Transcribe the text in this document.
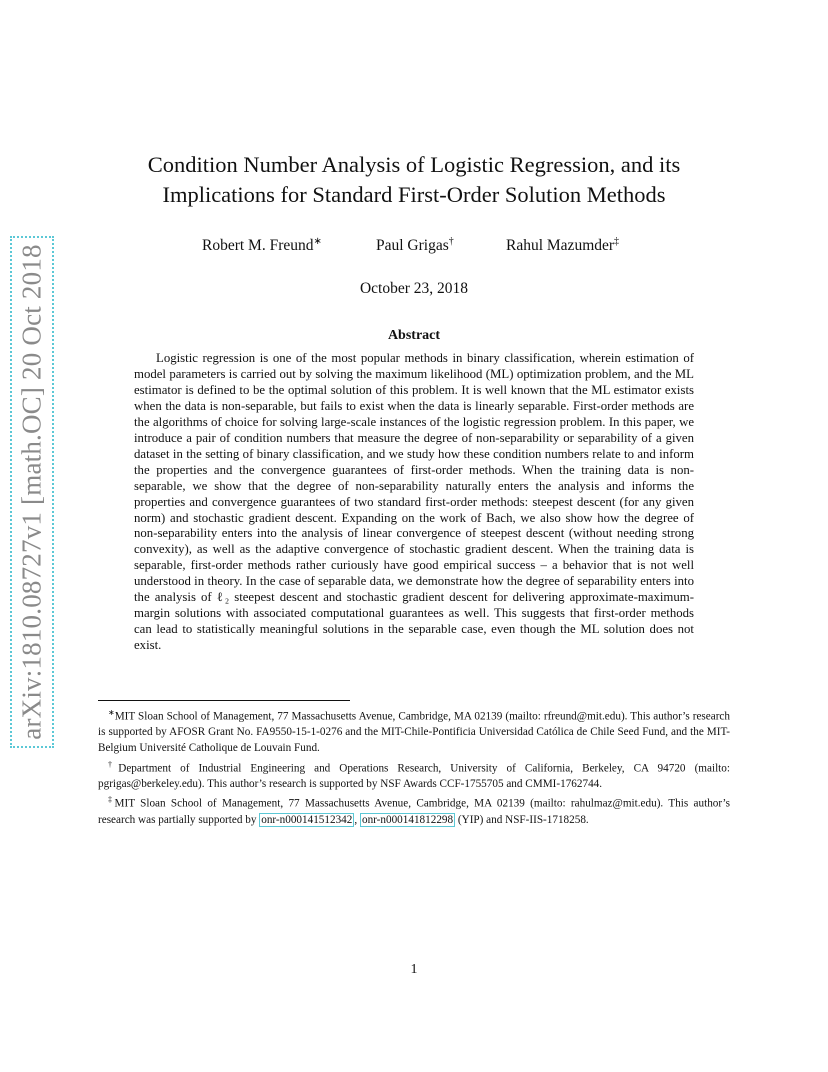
arXiv:1810.08727v1 [math.OC] 20 Oct 2018
Condition Number Analysis of Logistic Regression, and its
Implications for Standard First-Order Solution Methods
Robert M. Freund∗	Paul Grigas†	Rahul Mazumder‡
October 23, 2018
Abstract

Logistic regression is one of the most popular methods in binary classification, wherein estimation of model parameters is carried out by solving the maximum likelihood (ML) optimization problem, and the ML estimator is defined to be the optimal solution of this problem. It is well known that the ML estimator exists when the data is non-separable, but fails to exist when the data is linearly separable. First-order methods are the algorithms of choice for solving large-scale instances of the logistic regression problem. In this paper, we introduce a pair of condition numbers that measure the degree of non-separability or separability of a given dataset in the setting of binary classification, and we study how these condition numbers relate to and inform the properties and the convergence guarantees of first-order methods. When the training data is non-separable, we show that the degree of non-separability naturally enters the analysis and informs the properties and convergence guarantees of two standard first-order methods: steepest descent (for any given norm) and stochastic gradient descent. Expanding on the work of Bach, we also show how the degree of non-separability enters into the analysis of linear convergence of steepest descent (without needing strong convexity), as well as the adaptive convergence of stochastic gradient descent. When the training data is separable, first-order methods rather curiously have good empirical success – a behavior that is not well understood in theory. In the case of separable data, we demonstrate how the degree of separability enters into the analysis of ℓ₂ steepest descent and stochastic gradient descent for delivering approximate-maximum-margin solutions with associated computational guarantees as well. This suggests that first-order methods can lead to statistically meaningful solutions in the separable case, even though the ML solution does not exist.

∗MIT Sloan School of Management, 77 Massachusetts Avenue, Cambridge, MA 02139 (mailto: rfreund@mit.edu). This author’s research is supported by AFOSR Grant No. FA9550-15-1-0276 and the MIT-Chile-Pontificia Universidad Católica de Chile Seed Fund, and the MIT-Belgium Université Catholique de Louvain Fund.

†Department of Industrial Engineering and Operations Research, University of California, Berkeley, CA 94720 (mailto: pgrigas@berkeley.edu). This author’s research is supported by NSF Awards CCF-1755705 and CMMI-1762744.

‡MIT Sloan School of Management, 77 Massachusetts Avenue, Cambridge, MA 02139 (mailto: rahulmaz@mit.edu). This author’s research was partially supported by onr-n000141512342 , onr-n000141812298 (YIP) and NSF-IIS-1718258.

1
